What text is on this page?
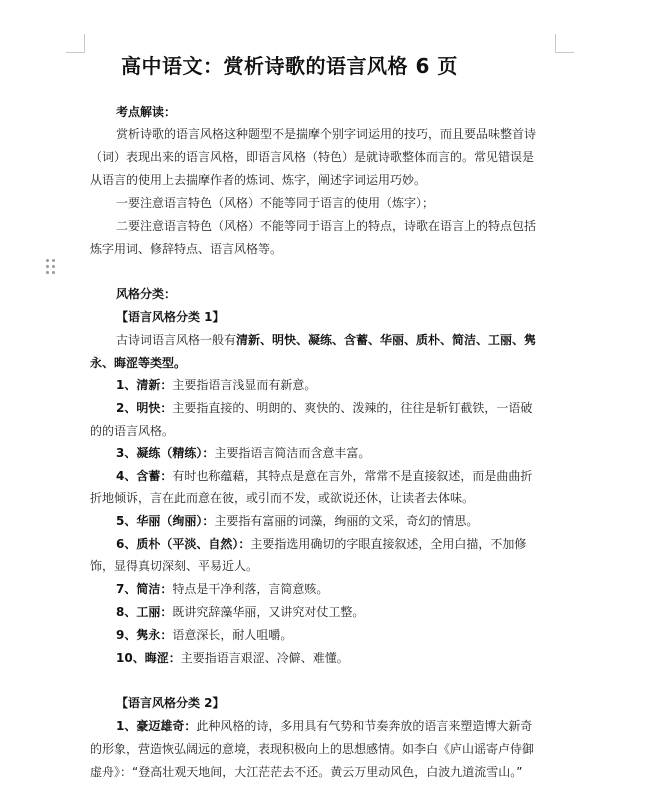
高中语文：赏析诗歌的语言风格 6 页
考点解读：
赏析诗歌的语言风格这种题型不是揣摩个别字词运用的技巧，而且要品味整首诗
（词）表现出来的语言风格，即语言风格（特色）是就诗歌整体而言的。常见错误是
从语言的使用上去揣摩作者的炼词、炼字，阐述字词运用巧妙。
一要注意语言特色（风格）不能等同于语言的使用（炼字）；
二要注意语言特色（风格）不能等同于语言上的特点，诗歌在语言上的特点包括
炼字用词、修辞特点、语言风格等。
风格分类：
【语言风格分类 1】
古诗词语言风格一般有清新、明快、凝练、含蓄、华丽、质朴、简洁、工丽、隽
永、晦涩等类型。
1、清新：主要指语言浅显而有新意。
2、明快：主要指直接的、明朗的、爽快的、泼辣的，往往是斩钉截铁，一语破
的的语言风格。
3、凝练（精练）：主要指语言简洁而含意丰富。
4、含蓄：有时也称蕴藉，其特点是意在言外，常常不是直接叙述，而是曲曲折
折地倾诉，言在此而意在彼，或引而不发，或欲说还休，让读者去体味。
5、华丽（绚丽）：主要指有富丽的词藻，绚丽的文采，奇幻的情思。
6、质朴（平淡、自然）：主要指选用确切的字眼直接叙述，全用白描，不加修
饰，显得真切深刻、平易近人。
7、简洁：特点是干净利落，言简意赅。
8、工丽：既讲究辞藻华丽，又讲究对仗工整。
9、隽永：语意深长，耐人咀嚼。
10、晦涩：主要指语言艰涩、冷僻、难懂。
【语言风格分类 2】
1、豪迈雄奇：此种风格的诗，多用具有气势和节奏奔放的语言来塑造博大新奇
的形象，营造恢弘阔远的意境，表现积极向上的思想感情。如李白《庐山谣寄卢侍御
虚舟》：“登高壮观天地间，大江茫茫去不还。黄云万里动风色，白波九道流雪山。”
